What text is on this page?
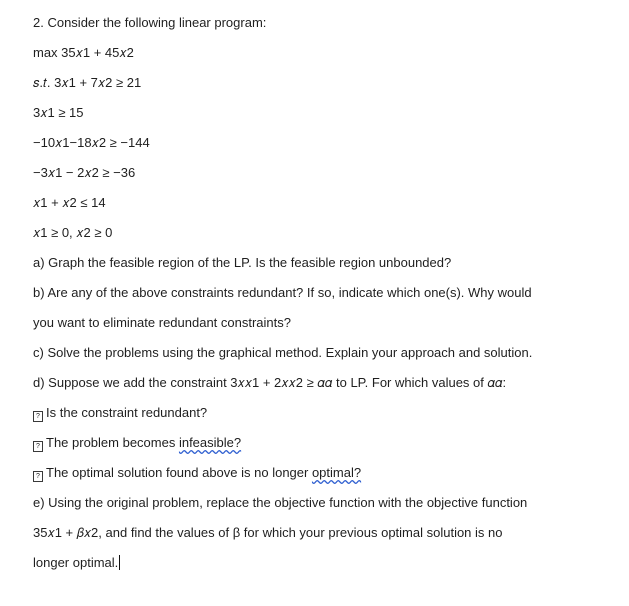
2. Consider the following linear program:
max 35𝑥1 + 45𝑥2
𝑠.𝑡. 3𝑥1 + 7𝑥2 ≥ 21
3𝑥1 ≥ 15
−10𝑥1−18𝑥2 ≥ −144
−3𝑥1 − 2𝑥2 ≥ −36
𝑥1 + 𝑥2 ≤ 14
𝑥1 ≥ 0, 𝑥2 ≥ 0
a) Graph the feasible region of the LP. Is the feasible region unbounded?
b) Are any of the above constraints redundant? If so, indicate which one(s). Why would
you want to eliminate redundant constraints?
c) Solve the problems using the graphical method. Explain your approach and solution.
d) Suppose we add the constraint 3𝑥𝑥1 + 2𝑥𝑥2 ≥ 𝛼𝛼 to LP. For which values of 𝛼𝛼:
? Is the constraint redundant?
? The problem becomes infeasible?
? The optimal solution found above is no longer optimal?
e) Using the original problem, replace the objective function with the objective function
35𝑥1 + 𝛽𝑥2, and find the values of β for which your previous optimal solution is no
longer optimal.
